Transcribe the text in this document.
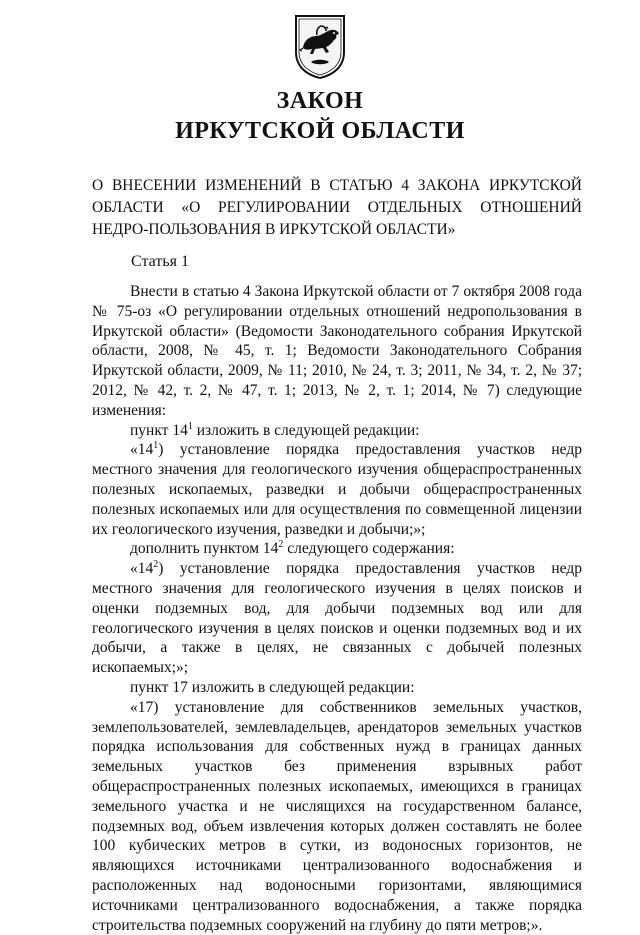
ЗАКОН
ИРКУТСКОЙ ОБЛАСТИ
О ВНЕСЕНИИ ИЗМЕНЕНИЙ В СТАТЬЮ 4 ЗАКОНА ИРКУТСКОЙ ОБЛАСТИ «О РЕГУЛИРОВАНИИ ОТДЕЛЬНЫХ ОТНОШЕНИЙ НЕДРО-ПОЛЬЗОВАНИЯ В ИРКУТСКОЙ ОБЛАСТИ»
Статья 1

Внести в статью 4 Закона Иркутской области от 7 октября 2008 года № 75-оз «О регулировании отдельных отношений недропользования в Иркутской области» (Ведомости Законодательного собрания Иркутской области, 2008, № 45, т. 1; Ведомости Законодательного Собрания Иркутской области, 2009, № 11; 2010, № 24, т. 3; 2011, № 34, т. 2, № 37; 2012, № 42, т. 2, № 47, т. 1; 2013, № 2, т. 1; 2014, № 7) следующие изменения:

пункт $14^1$ изложить в следующей редакции:

«$14^1$) установление порядка предоставления участков недр местного значения для геологического изучения общераспространенных полезных ископаемых, разведки и добычи общераспространенных полезных ископаемых или для осуществления по совмещенной лицензии их геологического изучения, разведки и добычи;»;

дополнить пунктом $14^2$ следующего содержания:

«$14^2$) установление порядка предоставления участков недр местного значения для геологического изучения в целях поисков и оценки подземных вод, для добычи подземных вод или для геологического изучения в целях поисков и оценки подземных вод и их добычи, а также в целях, не связанных с добычей полезных ископаемых;»;

пункт 17 изложить в следующей редакции:

«17) установление для собственников земельных участков, землепользователей, землевладельцев, арендаторов земельных участков порядка использования для собственных нужд в границах данных земельных участков без применения взрывных работ общераспространенных полезных ископаемых, имеющихся в границах земельного участка и не числящихся на государственном балансе, подземных вод, объем извлечения которых должен составлять не более 100 кубических метров в сутки, из водоносных горизонтов, не являющихся источниками централизованного водоснабжения и расположенных над водоносными горизонтами, являющимися источниками централизованного водоснабжения, а также порядка строительства подземных сооружений на глубину до пяти метров;».
